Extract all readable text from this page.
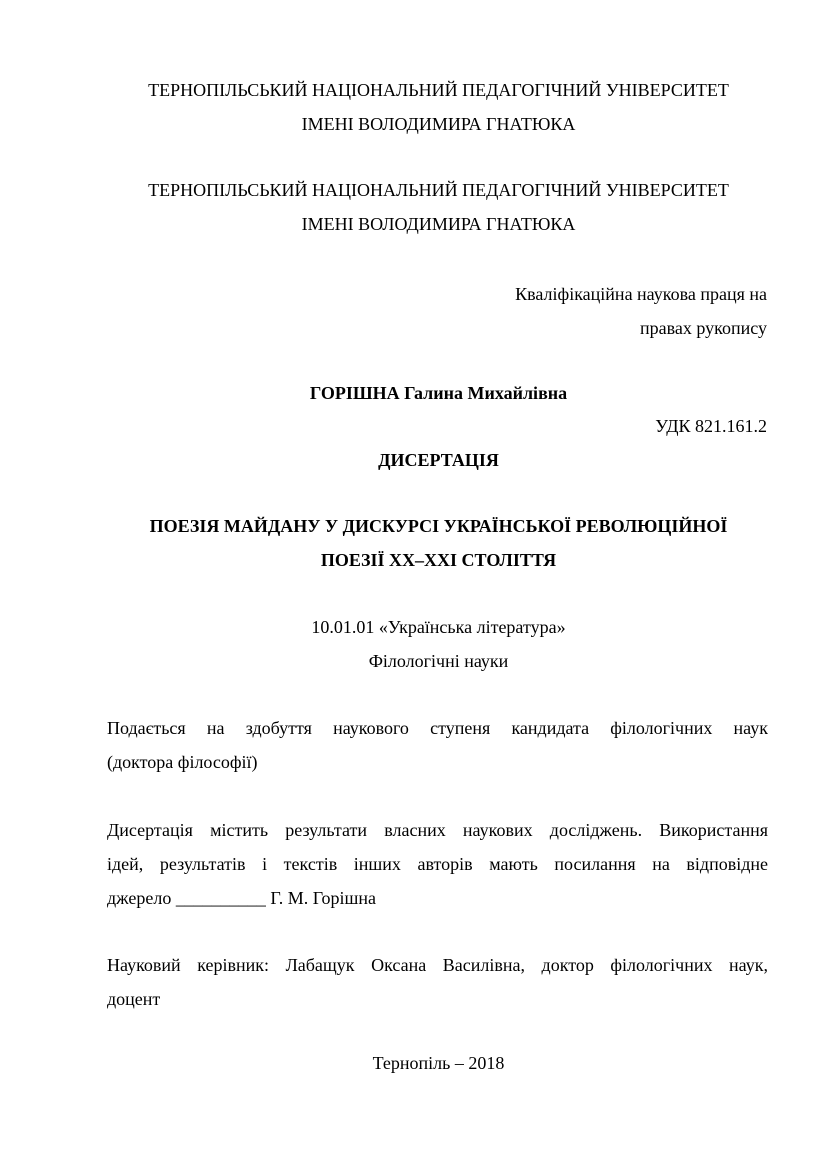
ТЕРНОПІЛЬСЬКИЙ НАЦІОНАЛЬНИЙ ПЕДАГОГІЧНИЙ УНІВЕРСИТЕТ
ІМЕНІ ВОЛОДИМИРА ГНАТЮКА
ТЕРНОПІЛЬСЬКИЙ НАЦІОНАЛЬНИЙ ПЕДАГОГІЧНИЙ УНІВЕРСИТЕТ
ІМЕНІ ВОЛОДИМИРА ГНАТЮКА
Кваліфікаційна наукова праця на
правах рукопису
ГОРІШНА Галина Михайлівна
УДК 821.161.2
ДИСЕРТАЦІЯ
ПОЕЗІЯ МАЙДАНУ У ДИСКУРСІ УКРАЇНСЬКОЇ РЕВОЛЮЦІЙНОЇ
ПОЕЗІЇ ХХ–ХХІ СТОЛІТТЯ
10.01.01 «Українська література»
Філологічні науки
Подається на здобуття наукового ступеня кандидата філологічних наук
(доктора філософії)
Дисертація містить результати власних наукових досліджень. Використання
ідей, результатів і текстів інших авторів мають посилання на відповідне
джерело __________ Г. М. Горішна
Науковий керівник: Лабащук Оксана Василівна, доктор філологічних наук,
доцент
Тернопіль – 2018
